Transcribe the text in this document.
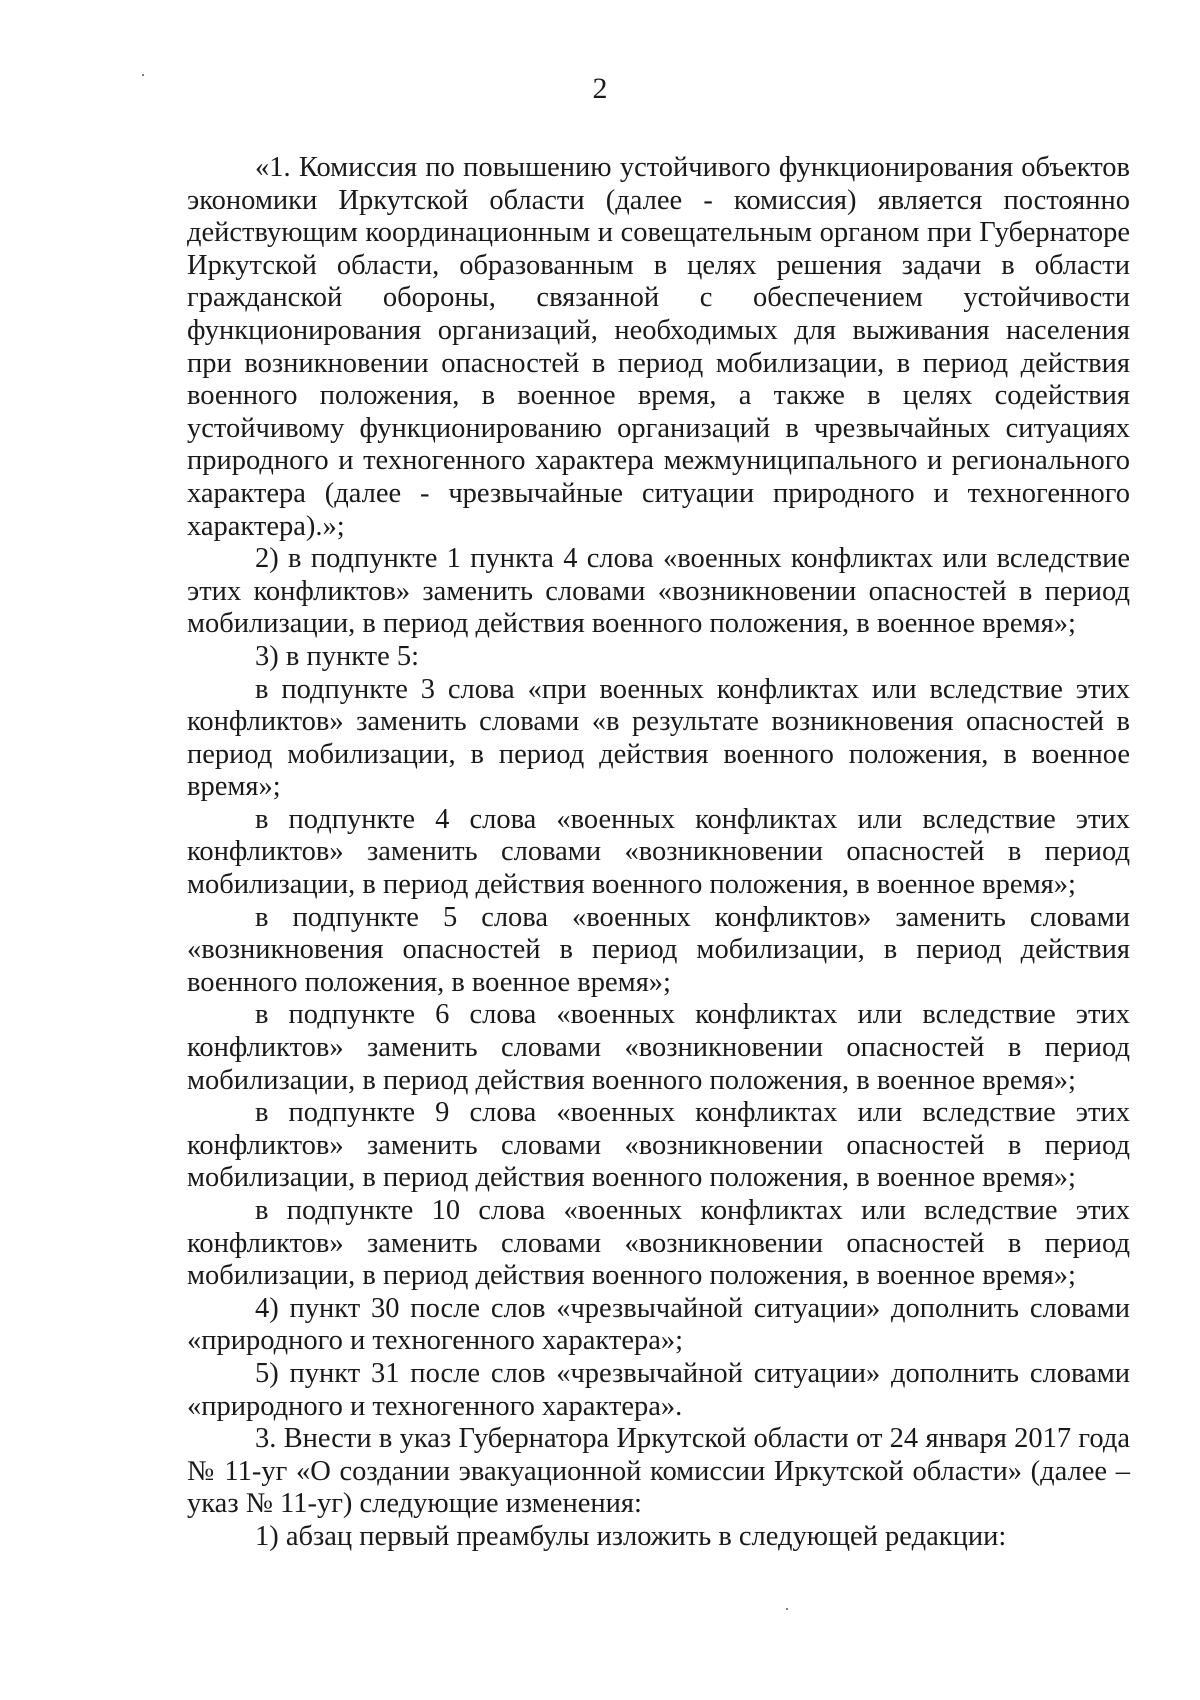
2

«1. Комиссия по повышению устойчивого функционирования объектов экономики Иркутской области (далее - комиссия) является постоянно действующим координационным и совещательным органом при Губернаторе Иркутской области, образованным в целях решения задачи в области гражданской обороны, связанной с обеспечением устойчивости функционирования организаций, необходимых для выживания населения при возникновении опасностей в период мобилизации, в период действия военного положения, в военное время, а также в целях содействия устойчивому функционированию организаций в чрезвычайных ситуациях природного и техногенного характера межмуниципального и регионального характера (далее - чрезвычайные ситуации природного и техногенного характера).»;

2) в подпункте 1 пункта 4 слова «военных конфликтах или вследствие этих конфликтов» заменить словами «возникновении опасностей в период мобилизации, в период действия военного положения, в военное время»;

3) в пункте 5:

в подпункте 3 слова «при военных конфликтах или вследствие этих конфликтов» заменить словами «в результате возникновения опасностей в период мобилизации, в период действия военного положения, в военное время»;

в подпункте 4 слова «военных конфликтах или вследствие этих конфликтов» заменить словами «возникновении опасностей в период мобилизации, в период действия военного положения, в военное время»;

в подпункте 5 слова «военных конфликтов» заменить словами «возникновения опасностей в период мобилизации, в период действия военного положения, в военное время»;

в подпункте 6 слова «военных конфликтах или вследствие этих конфликтов» заменить словами «возникновении опасностей в период мобилизации, в период действия военного положения, в военное время»;

в подпункте 9 слова «военных конфликтах или вследствие этих конфликтов» заменить словами «возникновении опасностей в период мобилизации, в период действия военного положения, в военное время»;

в подпункте 10 слова «военных конфликтах или вследствие этих конфликтов» заменить словами «возникновении опасностей в период мобилизации, в период действия военного положения, в военное время»;

4) пункт 30 после слов «чрезвычайной ситуации» дополнить словами «природного и техногенного характера»;

5) пункт 31 после слов «чрезвычайной ситуации» дополнить словами «природного и техногенного характера».

3. Внести в указ Губернатора Иркутской области от 24 января 2017 года № 11-уг «О создании эвакуационной комиссии Иркутской области» (далее – указ № 11-уг) следующие изменения:

1) абзац первый преамбулы изложить в следующей редакции:
